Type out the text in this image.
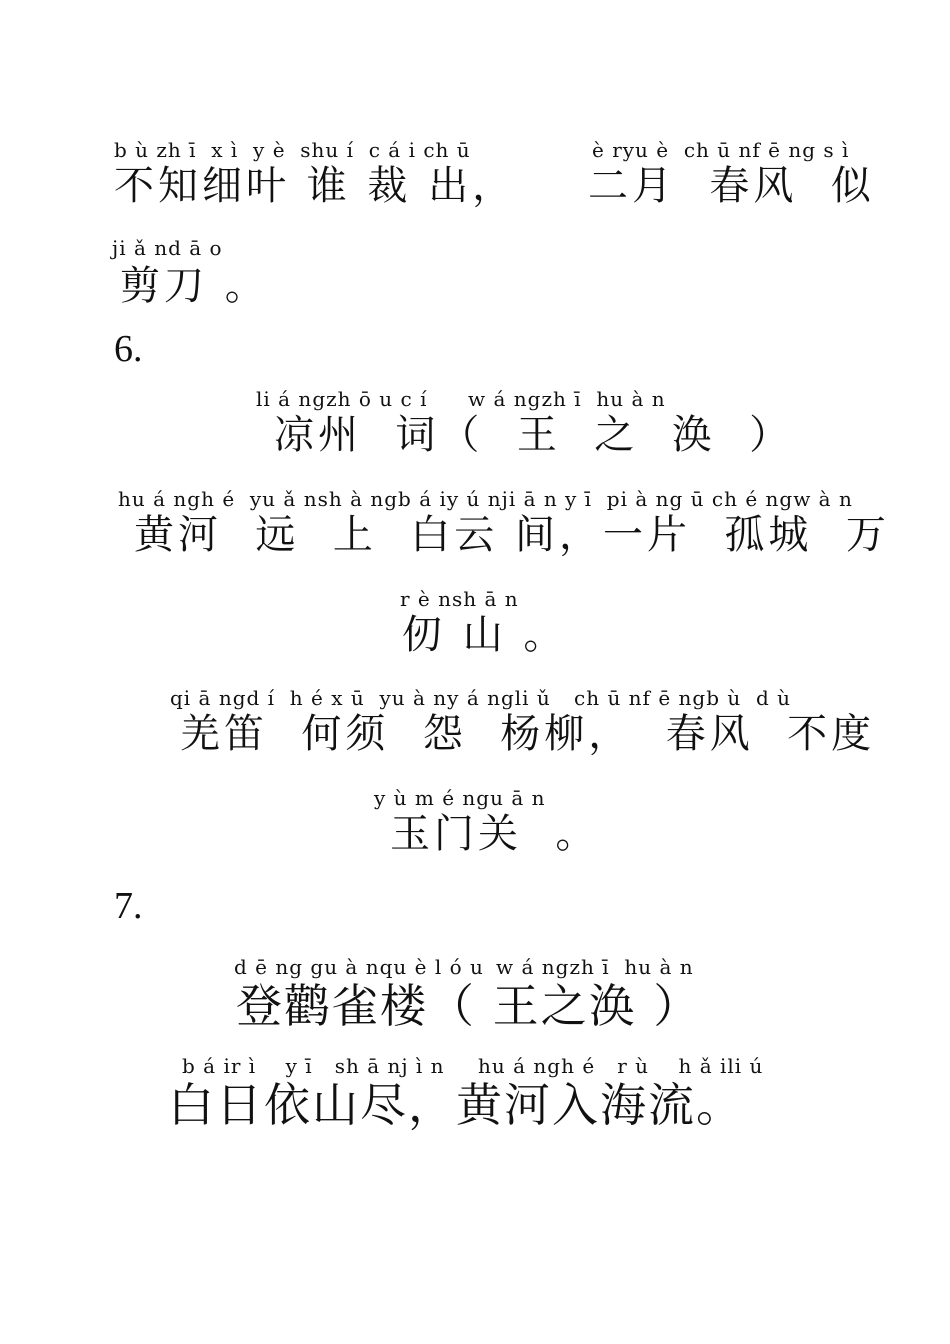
b ù zh ī  x ì  y è  shu í  c á i ch ū
不知细叶 谁 裁 出，
è ryu è  ch ū nf ē ng s ì
二月  春风  似
ji ǎ nd ā o
剪刀 。
6.
li á ngzh ō u c í w á ngzh ī  hu à n
凉州  词（  王  之  涣  ）
hu á ngh é  yu ǎ nsh à ngb á iy ú nji ā n y ī  pi à ng ū ch é ngw à n
黄河  远  上  白云 间，一片  孤城  万
r è nsh ā n
仞 山 。
qi ā ngd í  h é x ū  yu à ny á ngli ǔ ch ū nf ē ngb ù  d ù
羌笛  何须  怨  杨柳，  春风  不度
y ù m é ngu ā n
玉门关  。
7.
d ē ng gu à nqu è l ó u w á ngzh ī  hu à n
登鹳雀楼（ 王之涣 ）
b á ir ì    y ī   sh ā nj ì n hu á ngh é   r ù    h ǎ ili ú
白日依山尽，黄河入海流。
